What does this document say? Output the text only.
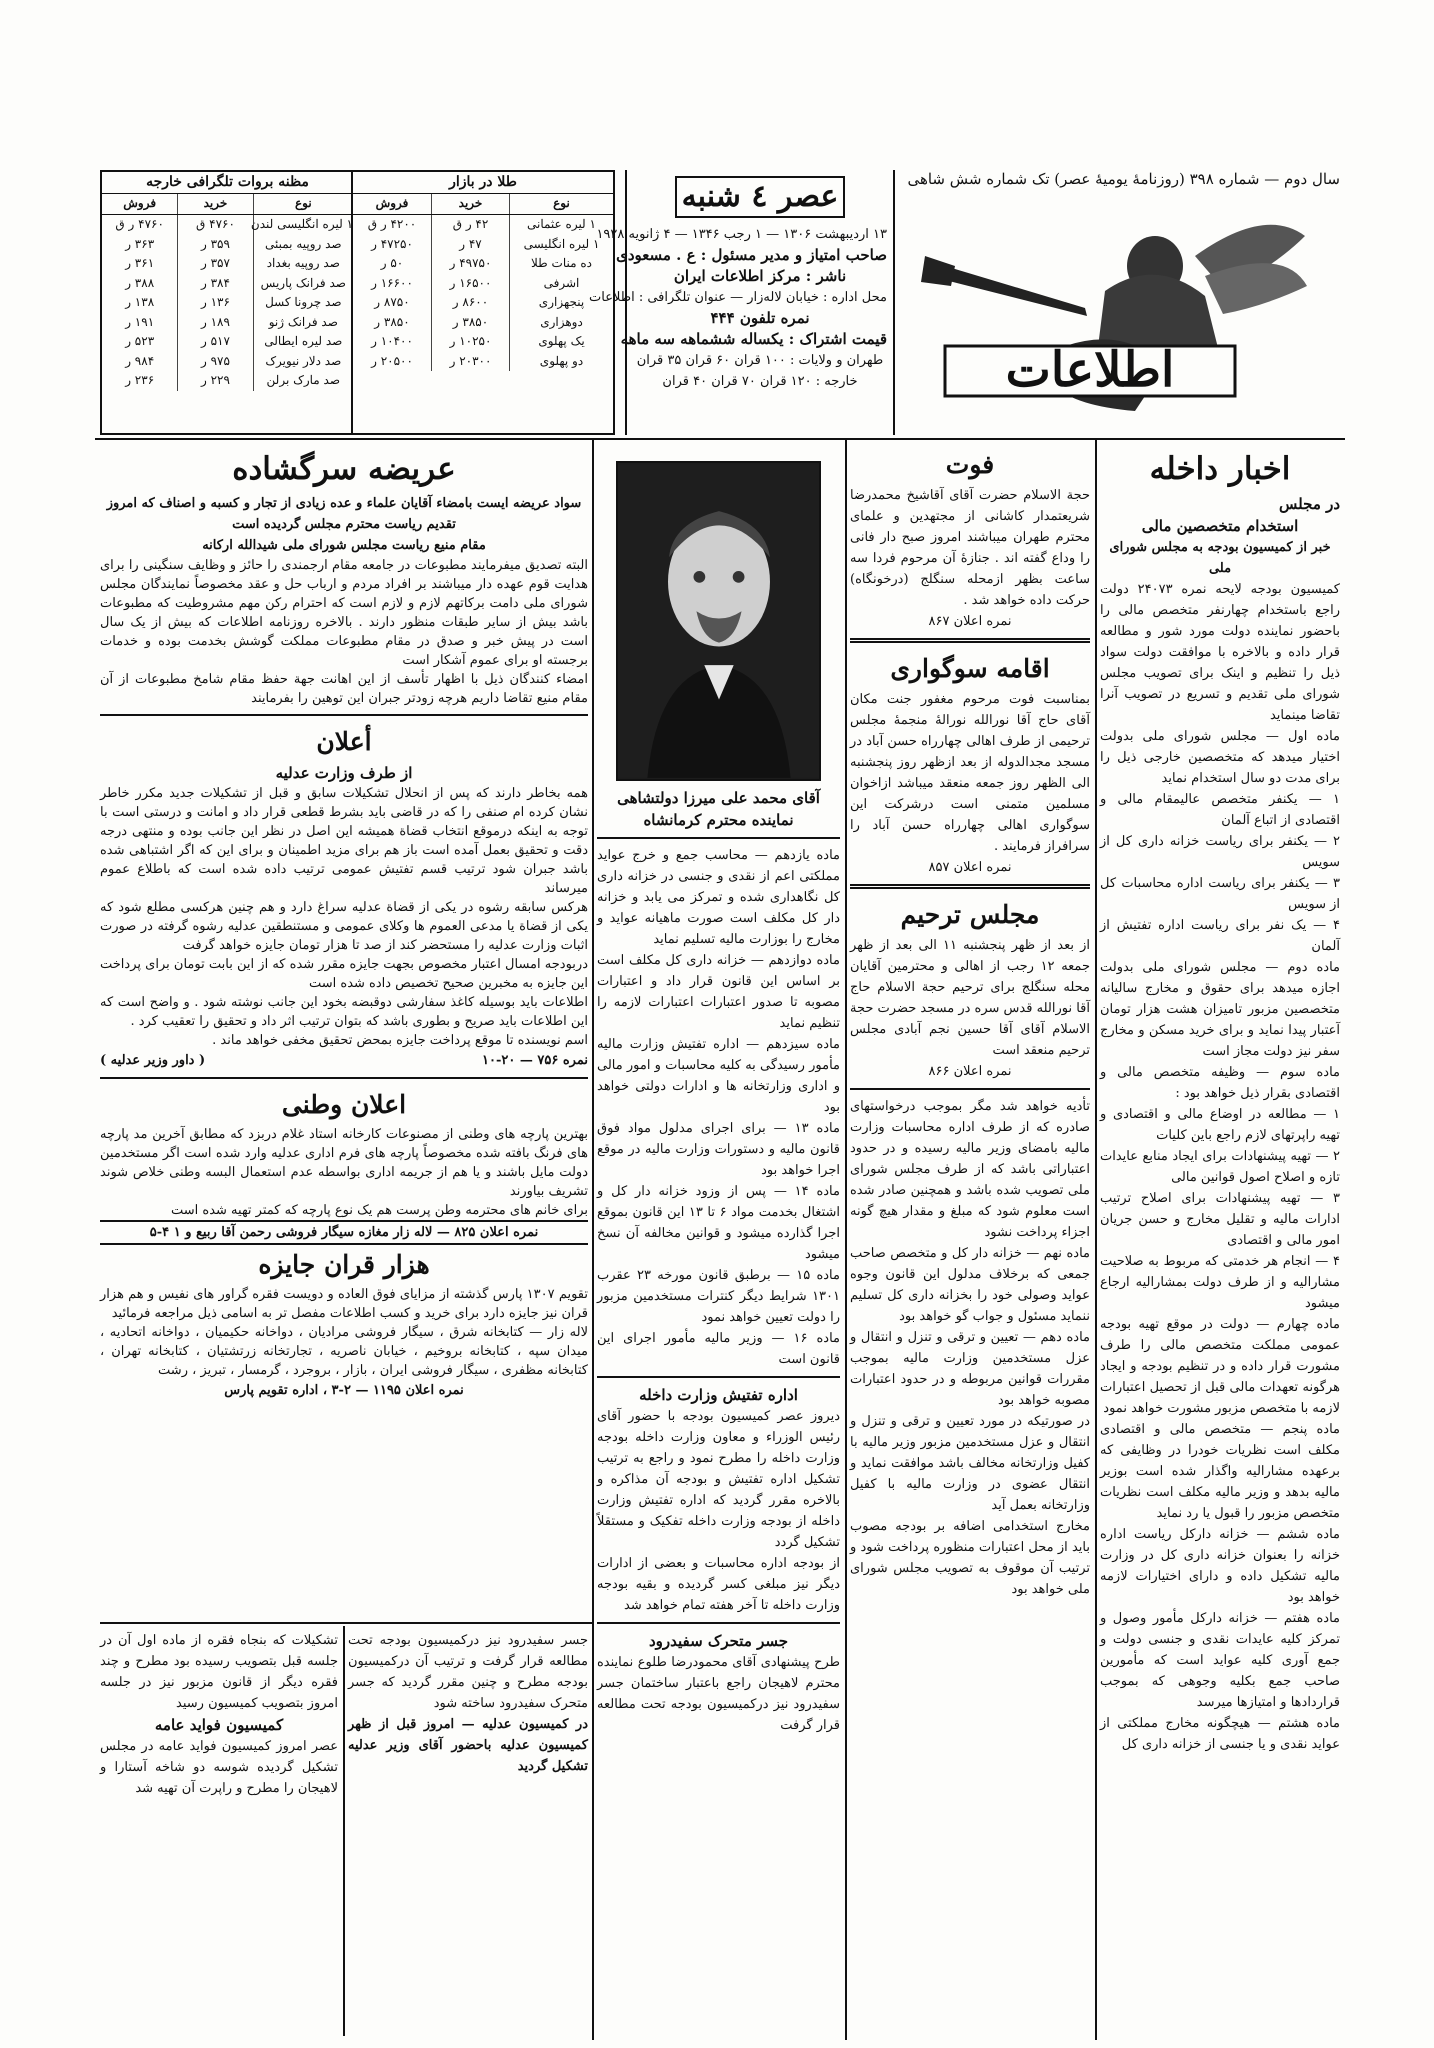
سال دوم — شماره ۳۹۸ (روزنامهٔ یومیهٔ عصر) تک شماره شش شاهی
اطلاعات
عصر ٤ شنبه
۱۳ اردیبهشت ۱۳۰۶ — ۱ رجب ۱۳۴۶ — ۴ ژانویه ۱۹۲۸
صاحب امتیاز و مدیر مسئول : ع . مسعودی
ناشر : مرکز اطلاعات ایران
محل اداره : خیابان لاله‌زار — عنوان تلگرافی : اطلاعات
نمره تلفون ۴۴۴
قیمت اشتراک : یکساله ششماهه سه ماهه
طهران و ولایات : ۱۰۰ قران ۶۰ قران ۳۵ قران
خارجه : ۱۲۰ قران ۷۰ قران ۴۰ قران
طلا در بازار
نوع
خرید
فروش
۱ لیره عثمانی
۴۲ ر ق
۴۲۰۰ ر ق
۱ لیره انگلیسی
۴۷ ر
۴۷۲۵۰ ر
ده منات طلا
۴۹۷۵۰ ر
۵۰ ر
اشرفی
۱۶۵۰۰ ر
۱۶۶۰۰ ر
پنجهزاری
۸۶۰۰ ر
۸۷۵۰ ر
دوهزاری
۳۸۵۰ ر
۳۸۵۰ ر
یک پهلوی
۱۰۲۵۰ ر
۱۰۴۰۰ ر
دو پهلوی
۲۰۳۰۰ ر
۲۰۵۰۰ ر
مظنه بروات تلگرافی خارجه
نوع
خرید
فروش
۱ لیره انگلیسی لندن
۴۷۶۰ ق
۴۷۶۰ ر ق
صد روپیه بمبئی
۳۵۹ ر
۳۶۳ ر
صد روپیه بغداد
۳۵۷ ر
۳۶۱ ر
صد فرانک پاریس
۳۸۴ ر
۳۸۸ ر
صد چرونا کسل
۱۳۶ ر
۱۳۸ ر
صد فرانک ژنو
۱۸۹ ر
۱۹۱ ر
صد لیره ایطالی
۵۱۷ ر
۵۲۳ ر
صد دلار نیویرک
۹۷۵ ر
۹۸۴ ر
صد مارک برلن
۲۲۹ ر
۲۳۶ ر
اخبار داخله
در مجلس
استخدام متخصصین مالی
خبر از کمیسیون بودجه به مجلس شورای ملی
کمیسیون بودجه لایحه نمره ۲۴۰۷۳ دولت راجع باستخدام چهارنفر متخصص مالی را باحضور نماینده دولت مورد شور و مطالعه قرار داده و بالاخره با موافقت دولت سواد ذیل را تنظیم و اینک برای تصویب مجلس شورای ملی تقدیم و تسریع در تصویب آنرا تقاضا مینماید
ماده اول — مجلس شورای ملی بدولت اختیار میدهد که متخصصین خارجی ذیل را برای مدت دو سال استخدام نماید
۱ — یکنفر متخصص عالیمقام مالی و اقتصادی از اتباع آلمان
۲ — یکنفر برای ریاست خزانه داری کل از سویس
۳ — یکنفر برای ریاست اداره محاسبات کل از سویس
۴ — یک نفر برای ریاست اداره تفتیش از آلمان
ماده دوم — مجلس شورای ملی بدولت اجازه میدهد برای حقوق و مخارج سالیانه متخصصین مزبور تامیزان هشت هزار تومان آعتبار پیدا نماید و برای خرید مسکن و مخارج سفر نیز دولت مجاز است
ماده سوم — وظیفه متخصص مالی و اقتصادی بقرار ذیل خواهد بود :
۱ — مطالعه در اوضاع مالی و اقتصادی و تهیه راپرتهای لازم راجع باین کلیات
۲ — تهیه پیشنهادات برای ایجاد منابع عایدات تازه و اصلاح اصول قوانین مالی
۳ — تهیه پیشنهادات برای اصلاح ترتیب ادارات مالیه و تقلیل مخارج و حسن جریان امور مالی و اقتصادی
۴ — انجام هر خدمتی که مربوط به صلاحیت مشارالیه و از طرف دولت بمشارالیه ارجاع میشود
ماده چهارم — دولت در موقع تهیه بودجه عمومی مملکت متخصص مالی را طرف مشورت قرار داده و در تنظیم بودجه و ایجاد هرگونه تعهدات مالی قبل از تحصیل اعتبارات لازمه با متخصص مزبور مشورت خواهد نمود
ماده پنجم — متخصص مالی و اقتصادی مکلف است نظریات خودرا در وظایفی که برعهده مشارالیه واگذار شده است بوزیر مالیه بدهد و وزیر مالیه مکلف است نظریات متخصص مزبور را قبول یا رد نماید
ماده ششم — خزانه دارکل ریاست اداره خزانه را بعنوان خزانه داری کل در وزارت مالیه تشکیل داده و دارای اختیارات لازمه خواهد بود
ماده هفتم — خزانه دارکل مأمور وصول و تمرکز کلیه عایدات نقدی و جنسی دولت و جمع آوری کلیه عواید است که مأمورین صاحب جمع بکلیه وجوهی که بموجب قراردادها و امتیازها میرسد
ماده هشتم — هیچگونه مخارج مملکتی از عواید نقدی و یا جنسی از خزانه داری کل
فوت
حجة الاسلام حضرت آقای آقاشیخ محمدرضا شریعتمدار کاشانی از مجتهدین و علمای محترم طهران میباشند امروز صبح دار فانی را وداع گفته اند . جنازهٔ آن مرحوم فردا سه ساعت بظهر ازمحله سنگلج (درخونگاه) حرکت داده خواهد شد .
نمره اعلان ۸۶۷
اقامه سوگواری
بمناسبت فوت مرحوم مغفور جنت مکان آقای حاج آقا نورالله نورالهٔ منجمهٔ مجلس ترحیمی از طرف اهالی چهارراه حسن آباد در مسجد مجدالدوله از بعد ازظهر روز پنجشنبه الی الظهر روز جمعه منعقد میباشد ازاخوان مسلمین متمنی است درشرکت این سوگواری اهالی چهارراه حسن آباد را سرافراز فرمایند .
نمره اعلان ۸۵۷
مجلس ترحیم
از بعد از ظهر پنجشنبه ۱۱ الی بعد از ظهر جمعه ۱۲ رجب از اهالی و محترمین آقایان محله سنگلج برای ترحیم حجة الاسلام حاج آقا نورالله قدس سره در مسجد حضرت حجة الاسلام آقای آقا حسین نجم آبادی مجلس ترحیم منعقد است
نمره اعلان ۸۶۶
تأدیه خواهد شد مگر بموجب درخواستهای صادره که از طرف اداره محاسبات وزارت مالیه بامضای وزیر مالیه رسیده و در حدود اعتباراتی باشد که از طرف مجلس شورای ملی تصویب شده باشد و همچنین صادر شده است معلوم شود که مبلغ و مقدار هیچ گونه اجزاء پرداخت نشود
ماده نهم — خزانه دار کل و متخصص صاحب جمعی که برخلاف مدلول این قانون وجوه عواید وصولی خود را بخزانه داری کل تسلیم ننماید مسئول و جواب گو خواهد بود
ماده دهم — تعیین و ترقی و تنزل و انتقال و عزل مستخدمین وزارت مالیه بموجب مقررات قوانین مربوطه و در حدود اعتبارات مصوبه خواهد بود
در صورتیکه در مورد تعیین و ترقی و تنزل و انتقال و عزل مستخدمین مزبور وزیر مالیه با کفیل وزارتخانه مخالف باشد موافقت نماید و انتقال عضوی در وزارت مالیه با کفیل وزارتخانه بعمل آید
مخارج استخدامی اضافه بر بودجه مصوب باید از محل اعتبارات منظوره پرداخت شود و ترتیب آن موقوف به تصویب مجلس شورای ملی خواهد بود
آقای محمد علی میرزا دولتشاهی
نماینده محترم کرمانشاه
ماده یازدهم — محاسب جمع و خرج عواید مملکتی اعم از نقدی و جنسی در خزانه داری کل نگاهداری شده و تمرکز می یابد و خزانه دار کل مکلف است صورت ماهیانه عواید و مخارج را بوزارت مالیه تسلیم نماید
ماده دوازدهم — خزانه داری کل مکلف است بر اساس این قانون قرار داد و اعتبارات مصوبه تا صدور اعتبارات اعتبارات لازمه را تنظیم نماید
ماده سیزدهم — اداره تفتیش وزارت مالیه مأمور رسیدگی به کلیه محاسبات و امور مالی و اداری وزارتخانه ها و ادارات دولتی خواهد بود
ماده ۱۳ — برای اجرای مدلول مواد فوق قانون مالیه و دستورات وزارت مالیه در موقع اجرا خواهد بود
ماده ۱۴ — پس از وزود خزانه دار کل و اشتغال بخدمت مواد ۶ تا ۱۳ این قانون بموقع اجرا گذارده میشود و قوانین مخالفه آن نسخ میشود
ماده ۱۵ — برطبق قانون مورخه ۲۳ عقرب ۱۳۰۱ شرایط دیگر کنترات مستخدمین مزبور را دولت تعیین خواهد نمود
ماده ۱۶ — وزیر مالیه مأمور اجرای این قانون است
اداره تفتیش وزارت داخله
دیروز عصر کمیسیون بودجه با حضور آقای رئیس الوزراء و معاون وزارت داخله بودجه وزارت داخله را مطرح نمود و راجع به ترتیب تشکیل اداره تفتیش و بودجه آن مذاکره و بالاخره مقرر گردید که اداره تفتیش وزارت داخله از بودجه وزارت داخله تفکیک و مستقلاً تشکیل گردد
از بودجه اداره محاسبات و بعضی از ادارات دیگر نیز مبلغی کسر گردیده و بقیه بودجه وزارت داخله تا آخر هفته تمام خواهد شد
جسر متحرک سفیدرود
طرح پیشنهادی آقای محمودرضا طلوع نماینده محترم لاهیجان راجع باعتبار ساختمان جسر سفیدرود نیز درکمیسیون بودجه تحت مطالعه قرار گرفت
عریضه سرگشاده
سواد عریضه ایست بامضاء آقایان علماء و عده زیادی از تجار و کسبه و اصناف که امروز تقدیم ریاست محترم مجلس گردیده است
مقام منیع ریاست مجلس شورای ملی شیدالله ارکانه
البته تصدیق میفرمایند مطبوعات در جامعه مقام ارجمندی را حائز و وظایف سنگینی را برای هدایت قوم عهده دار میباشند بر افراد مردم و ارباب حل و عقد مخصوصاً نمایندگان مجلس شورای ملی دامت برکاتهم لازم و لازم است که احترام رکن مهم مشروطیت که مطبوعات باشد بیش از سایر طبقات منظور دارند . بالاخره روزنامه اطلاعات که بیش از یک سال است در پیش خبر و صدق در مقام مطبوعات مملکت گوشش بخدمت بوده و خدمات برجسته او برای عموم آشکار است
امضاء کنندگان ذیل با اظهار تأسف از این اهانت جهة حفظ مقام شامخ مطبوعات از آن مقام منیع تقاضا داریم هرچه زودتر جبران این توهین را بفرمایند
أعلان
از طرف وزارت عدلیه
همه بخاطر دارند که پس از انحلال تشکیلات سابق و قبل از تشکیلات جدید مکرر خاطر نشان کرده ام صنفی را که در قاضی باید بشرط قطعی قرار داد و امانت و درستی است با توجه به اینکه درموقع انتخاب قضاة همیشه این اصل در نظر این جانب بوده و منتهی درجه دقت و تحقیق بعمل آمده است باز هم برای مزید اطمینان و برای این که اگر اشتباهی شده باشد جبران شود ترتیب قسم تفتیش عمومی ترتیب داده شده است که باطلاع عموم میرساند
هرکس سابقه رشوه در یکی از قضاة عدلیه سراغ دارد و هم چنین هرکسی مطلع شود که یکی از قضاة یا مدعی العموم ها وکلای عمومی و مستنطقین عدلیه رشوه گرفته در صورت اثبات وزارت عدلیه را مستحضر کند از صد تا هزار تومان جایزه خواهد گرفت
دربودجه امسال اعتبار مخصوص بجهت جایزه مقرر شده که از این بابت تومان برای پرداخت این جایزه به مخبرین صحیح تخصیص داده شده است
اطلاعات باید بوسیله کاغذ سفارشی دوقبضه بخود این جانب نوشته شود . و واضح است که این اطلاعات باید صریح و بطوری باشد که بتوان ترتیب اثر داد و تحقیق را تعقیب کرد .
اسم نویسنده تا موقع پرداخت جایزه بمحض تحقیق مخفی خواهد ماند .
نمره ۷۵۶ — ۲۰-۱۰
( داور وزیر عدلیه )
اعلان وطنی
بهترین پارچه های وطنی از مصنوعات کارخانه استاد غلام دربزد که مطابق آخرین مد پارچه های فرنگ بافته شده مخصوصاً پارچه های فرم اداری عدلیه وارد شده است اگر مستخدمین دولت مایل باشند و یا هم از جریمه اداری بواسطه عدم استعمال البسه وطنی خلاص شوند تشریف بیاورند
برای خانم های محترمه وطن پرست هم یک نوع پارچه که کمتر تهیه شده است
نمره اعلان ۸۲۵ — لاله زار مغازه سیگار فروشی رحمن آقا ربیع و ۱ ۴-۵
هزار قران جایزه
تقویم ۱۳۰۷ پارس گذشته از مزایای فوق العاده و دویست فقره گراور های نفیس و هم هزار قران نیز جایزه دارد برای خرید و کسب اطلاعات مفصل تر به اسامی ذیل مراجعه فرمائید
لاله زار — کتابخانه شرق ، سیگار فروشی مرادیان ، دواخانه حکیمیان ، دواخانه اتحادیه ، میدان سپه ، کتابخانه بروخیم ، خیابان ناصریه ، تجارتخانه زرتشتیان ، کتابخانه تهران ، کتابخانه مظفری ، سیگار فروشی ایران ، بازار ، بروجرد ، گرمسار ، تبریز ، رشت
نمره اعلان ۱۱۹۵ — ۲-۳ ، اداره تقویم پارس
جسر سفیدرود نیز درکمیسیون بودجه تحت مطالعه قرار گرفت و ترتیب آن درکمیسیون بودجه مطرح و چنین مقرر گردید که جسر متحرک سفیدرود ساخته شود
در کمیسیون عدلیه — امروز قبل از ظهر کمیسیون عدلیه باحضور آقای وزیر عدلیه تشکیل گردید
تشکیلات که بنجاه فقره از ماده اول آن در جلسه قبل بتصویب رسیده بود مطرح و چند فقره دیگر از قانون مزبور نیز در جلسه امروز بتصویب کمیسیون رسید
کمیسیون فواید عامه
عصر امروز کمیسیون فواید عامه در مجلس تشکیل گردیده شوسه دو شاخه آستارا و لاهیجان را مطرح و راپرت آن تهیه شد
